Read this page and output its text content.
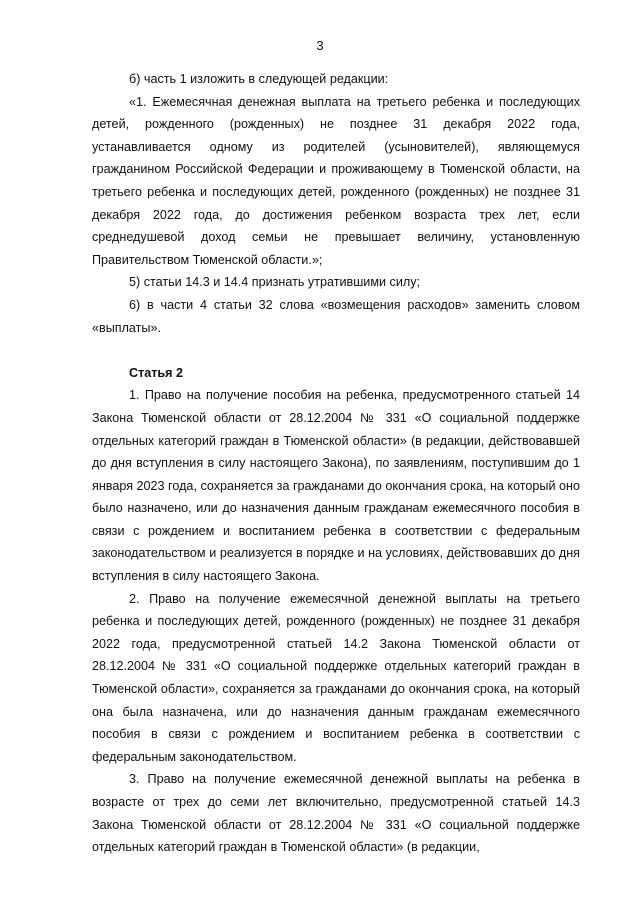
3

б) часть 1 изложить в следующей редакции:

«1. Ежемесячная денежная выплата на третьего ребенка и последующих детей, рожденного (рожденных) не позднее 31 декабря 2022 года, устанавливается одному из родителей (усыновителей), являющемуся гражданином Российской Федерации и проживающему в Тюменской области, на третьего ребенка и последующих детей, рожденного (рожденных) не позднее 31 декабря 2022 года, до достижения ребенком возраста трех лет, если среднедушевой доход семьи не превышает величину, установленную Правительством Тюменской области.»;

5) статьи 14.3 и 14.4 признать утратившими силу;

6) в части 4 статьи 32 слова «возмещения расходов» заменить словом «выплаты».

Статья 2

1. Право на получение пособия на ребенка, предусмотренного статьей 14 Закона Тюменской области от 28.12.2004 № 331 «О социальной поддержке отдельных категорий граждан в Тюменской области» (в редакции, действовавшей до дня вступления в силу настоящего Закона), по заявлениям, поступившим до 1 января 2023 года, сохраняется за гражданами до окончания срока, на который оно было назначено, или до назначения данным гражданам ежемесячного пособия в связи с рождением и воспитанием ребенка в соответствии с федеральным законодательством и реализуется в порядке и на условиях, действовавших до дня вступления в силу настоящего Закона.

2. Право на получение ежемесячной денежной выплаты на третьего ребенка и последующих детей, рожденного (рожденных) не позднее 31 декабря 2022 года, предусмотренной статьей 14.2 Закона Тюменской области от 28.12.2004 № 331 «О социальной поддержке отдельных категорий граждан в Тюменской области», сохраняется за гражданами до окончания срока, на который она была назначена, или до назначения данным гражданам ежемесячного пособия в связи с рождением и воспитанием ребенка в соответствии с федеральным законодательством.

3. Право на получение ежемесячной денежной выплаты на ребенка в возрасте от трех до семи лет включительно, предусмотренной статьей 14.3 Закона Тюменской области от 28.12.2004 № 331 «О социальной поддержке отдельных категорий граждан в Тюменской области» (в редакции,
